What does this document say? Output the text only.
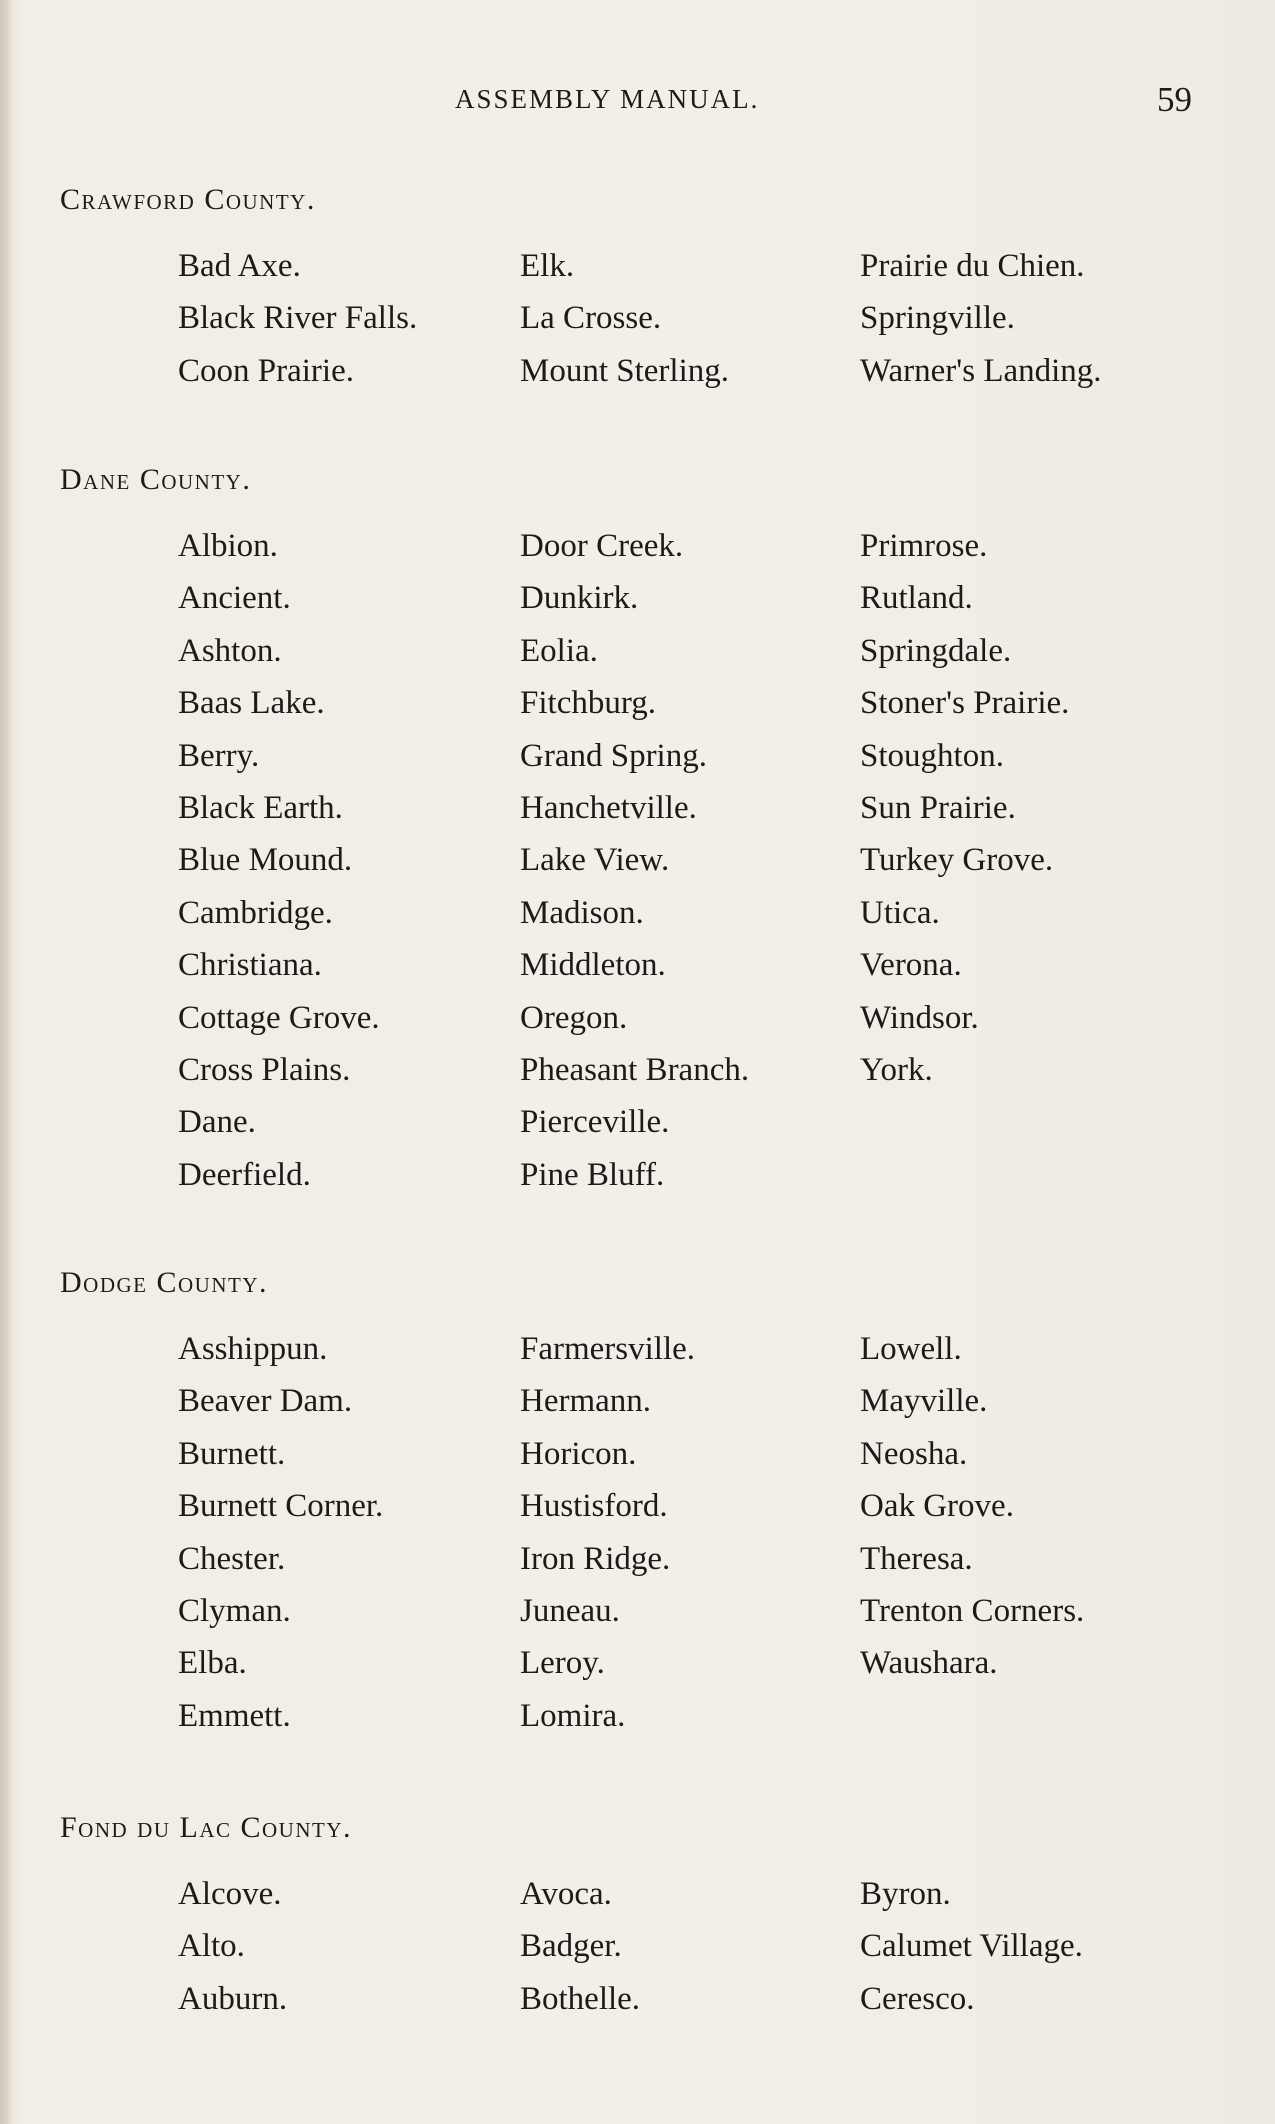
ASSEMBLY MANUAL.	59
Crawford County.
Bad Axe.
Black River Falls.
Coon Prairie.
Elk.
La Crosse.
Mount Sterling.
Prairie du Chien.
Springville.
Warner's Landing.
Dane County.
Albion.
Ancient.
Ashton.
Baas Lake.
Berry.
Black Earth.
Blue Mound.
Cambridge.
Christiana.
Cottage Grove.
Cross Plains.
Dane.
Deerfield.
Door Creek.
Dunkirk.
Eolia.
Fitchburg.
Grand Spring.
Hanchetville.
Lake View.
Madison.
Middleton.
Oregon.
Pheasant Branch.
Pierceville.
Pine Bluff.
Primrose.
Rutland.
Springdale.
Stoner's Prairie.
Stoughton.
Sun Prairie.
Turkey Grove.
Utica.
Verona.
Windsor.
York.
Dodge County.
Asshippun.
Beaver Dam.
Burnett.
Burnett Corner.
Chester.
Clyman.
Elba.
Emmett.
Farmersville.
Hermann.
Horicon.
Hustisford.
Iron Ridge.
Juneau.
Leroy.
Lomira.
Lowell.
Mayville.
Neosha.
Oak Grove.
Theresa.
Trenton Corners.
Waushara.
Fond du Lac County.
Alcove.
Alto.
Auburn.
Avoca.
Badger.
Bothelle.
Byron.
Calumet Village.
Ceresco.
